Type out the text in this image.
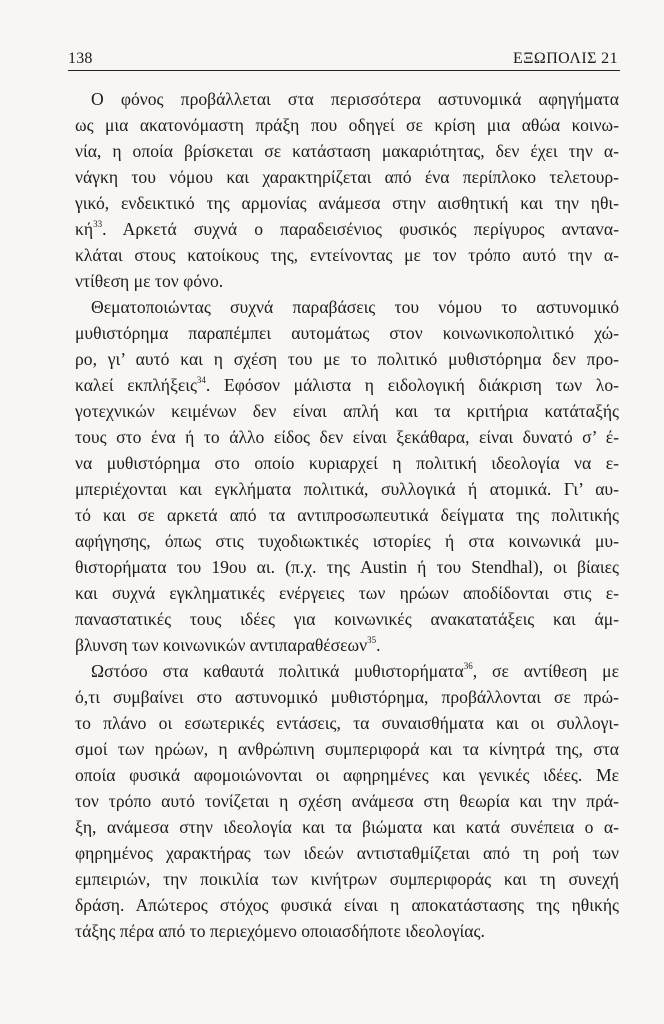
138	ΕΞΩΠΟΛΙΣ 21

Ο φόνος προβάλλεται στα περισσότερα αστυνομικά αφηγήματα
ως μια ακατονόμαστη πράξη που οδηγεί σε κρίση μια αθώα κοινω-
νία, η οποία βρίσκεται σε κατάσταση μακαριότητας, δεν έχει την α-
νάγκη του νόμου και χαρακτηρίζεται από ένα περίπλοκο τελετουρ-
γικό, ενδεικτικό της αρμονίας ανάμεσα στην αισθητική και την ηθι-
$\kappa ή^{33}$. Αρκετά συχνά ο παραδεισένιος φυσικός περίγυρος ανταvα-
κλάται στους κατοίκους της, εντείνοντας με τον τρόπο αυτό την α-
ντίθεση με τον φόνο.

Θεματοποιώντας συχνά παραβάσεις του νόμου το αστυνομικό
μυθιστόρημα παραπέμπει αυτομάτως στον κοινωνικοπολιτικό χώ-
ρο, γι’ αυτό και η σχέση του με το πολιτικό μυθιστόρημα δεν προ-
καλεί εκπλήξεις$^{34}$. Εφόσον μάλιστα η ειδολογική διάκριση των λο-
γοτεχνικών κειμένων δεν είναι απλή και τα κριτήρια κατάταξής
τους στο ένα ή το άλλο είδος δεν είναι ξεκάθαρα, είναι δυνατό σ’ έ-
να μυθιστόρημα στο οποίο κυριαρχεί η πολιτική ιδεολογία να ε-
μπεριέχονται και εγκλήματα πολιτικά, συλλογικά ή ατομικά. Γι’ αυ-
τό και σε αρκετά από τα αντιπροσωπευτικά δείγματα της πολιτικής
αφήγησης, όπως στις τυχοδιωκτικές ιστορίες ή στα κοινωνικά μυ-
θιστορήματα του 19ου αι. (π.χ. της Austin ή του Stendhal), οι βίαιες
και συχνά εγκληματικές ενέργειες των ηρώων αποδίδονται στις ε-
παναστατικές τους ιδέες για κοινωνικές ανακατατάξεις και άμ-
βλυνση των κοινωνικών αντιπαραθέσεων$^{35}$.

Ωστόσο στα καθαυτά πολιτικά μυθιστορήματα$^{36}$, σε αντίθεση με
ό,τι συμβαίνει στο αστυνομικό μυθιστόρημα, προβάλλονται σε πρώ-
το πλάνο οι εσωτερικές εντάσεις, τα συναισθήματα και οι συλλογι-
σμοί των ηρώων, η ανθρώπινη συμπεριφορά και τα κίνητρά της, στα
οποία φυσικά αφομοιώνονται οι αφηρημένες και γενικές ιδέες. Με
τον τρόπο αυτό τονίζεται η σχέση ανάμεσα στη θεωρία και την πρά-
ξη, ανάμεσα στην ιδεολογία και τα βιώματα και κατά συνέπεια ο α-
φηρημένος χαρακτήρας των ιδεών αντισταθμίζεται από τη ροή των
εμπειριών, την ποικιλία των κινήτρων συμπεριφοράς και τη συνεχή
δράση. Απώτερος στόχος φυσικά είναι η αποκατάστασης της ηθικής
τάξης πέρα από το περιεχόμενο οποιασδήποτε ιδεολογίας.
